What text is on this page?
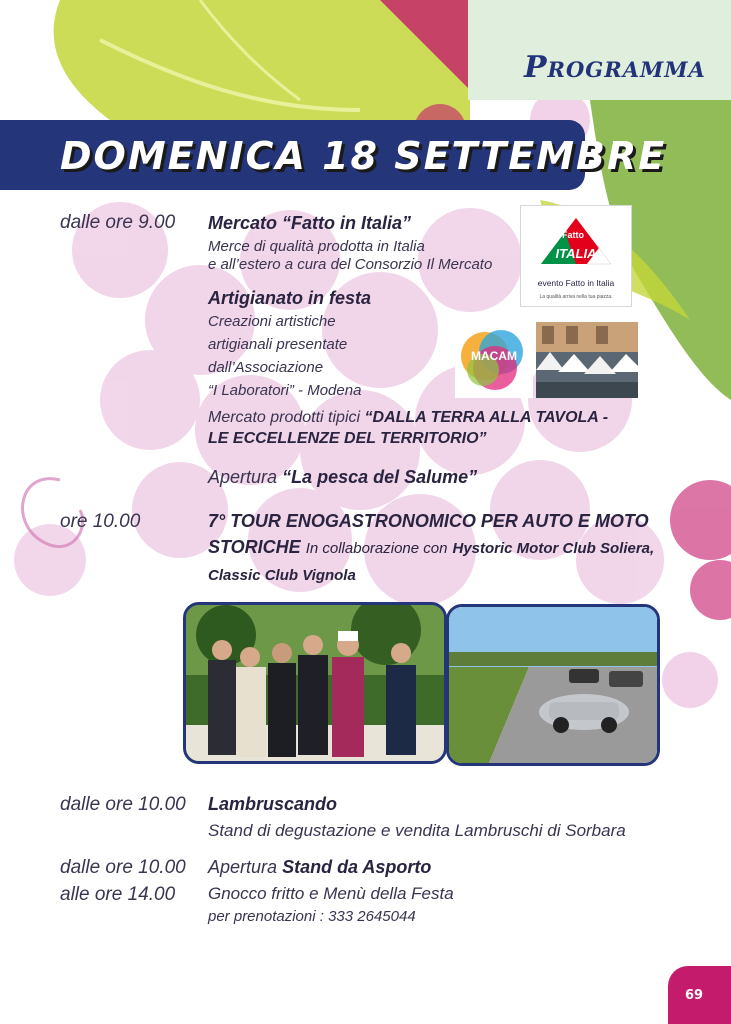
Programma
DOMENICA 18 SETTEMBRE
dalle ore 9.00 Mercato “Fatto in Italia”
Merce di qualità prodotta in Italia
e all’estero a cura del Consorzio Il Mercato
Fatto
ITALIA
evento Fatto in Italia
La qualità arriva nella tua piazza.
Artigianato in festa
Creazioni artistiche
artigianali presentate
dall’Associazione
“I Laboratori” - Modena
MACAM
Mercato prodotti tipici “DALLA TERRA ALLA TAVOLA -
LE ECCELLENZE DEL TERRITORIO”
Apertura “La pesca del Salume”
ore 10.00	7° TOUR ENOGASTRONOMICO PER AUTO E MOTO
STORICHE In collaborazione con Hystoric Motor Club Soliera,
Classic Club Vignola
dalle ore 10.00 Lambruscando
Stand di degustazione e vendita Lambruschi di Sorbara
dalle ore 10.00
alle ore 14.00
Apertura Stand da Asporto
Gnocco fritto e Menù della Festa
per prenotazioni : 333 2645044
69
